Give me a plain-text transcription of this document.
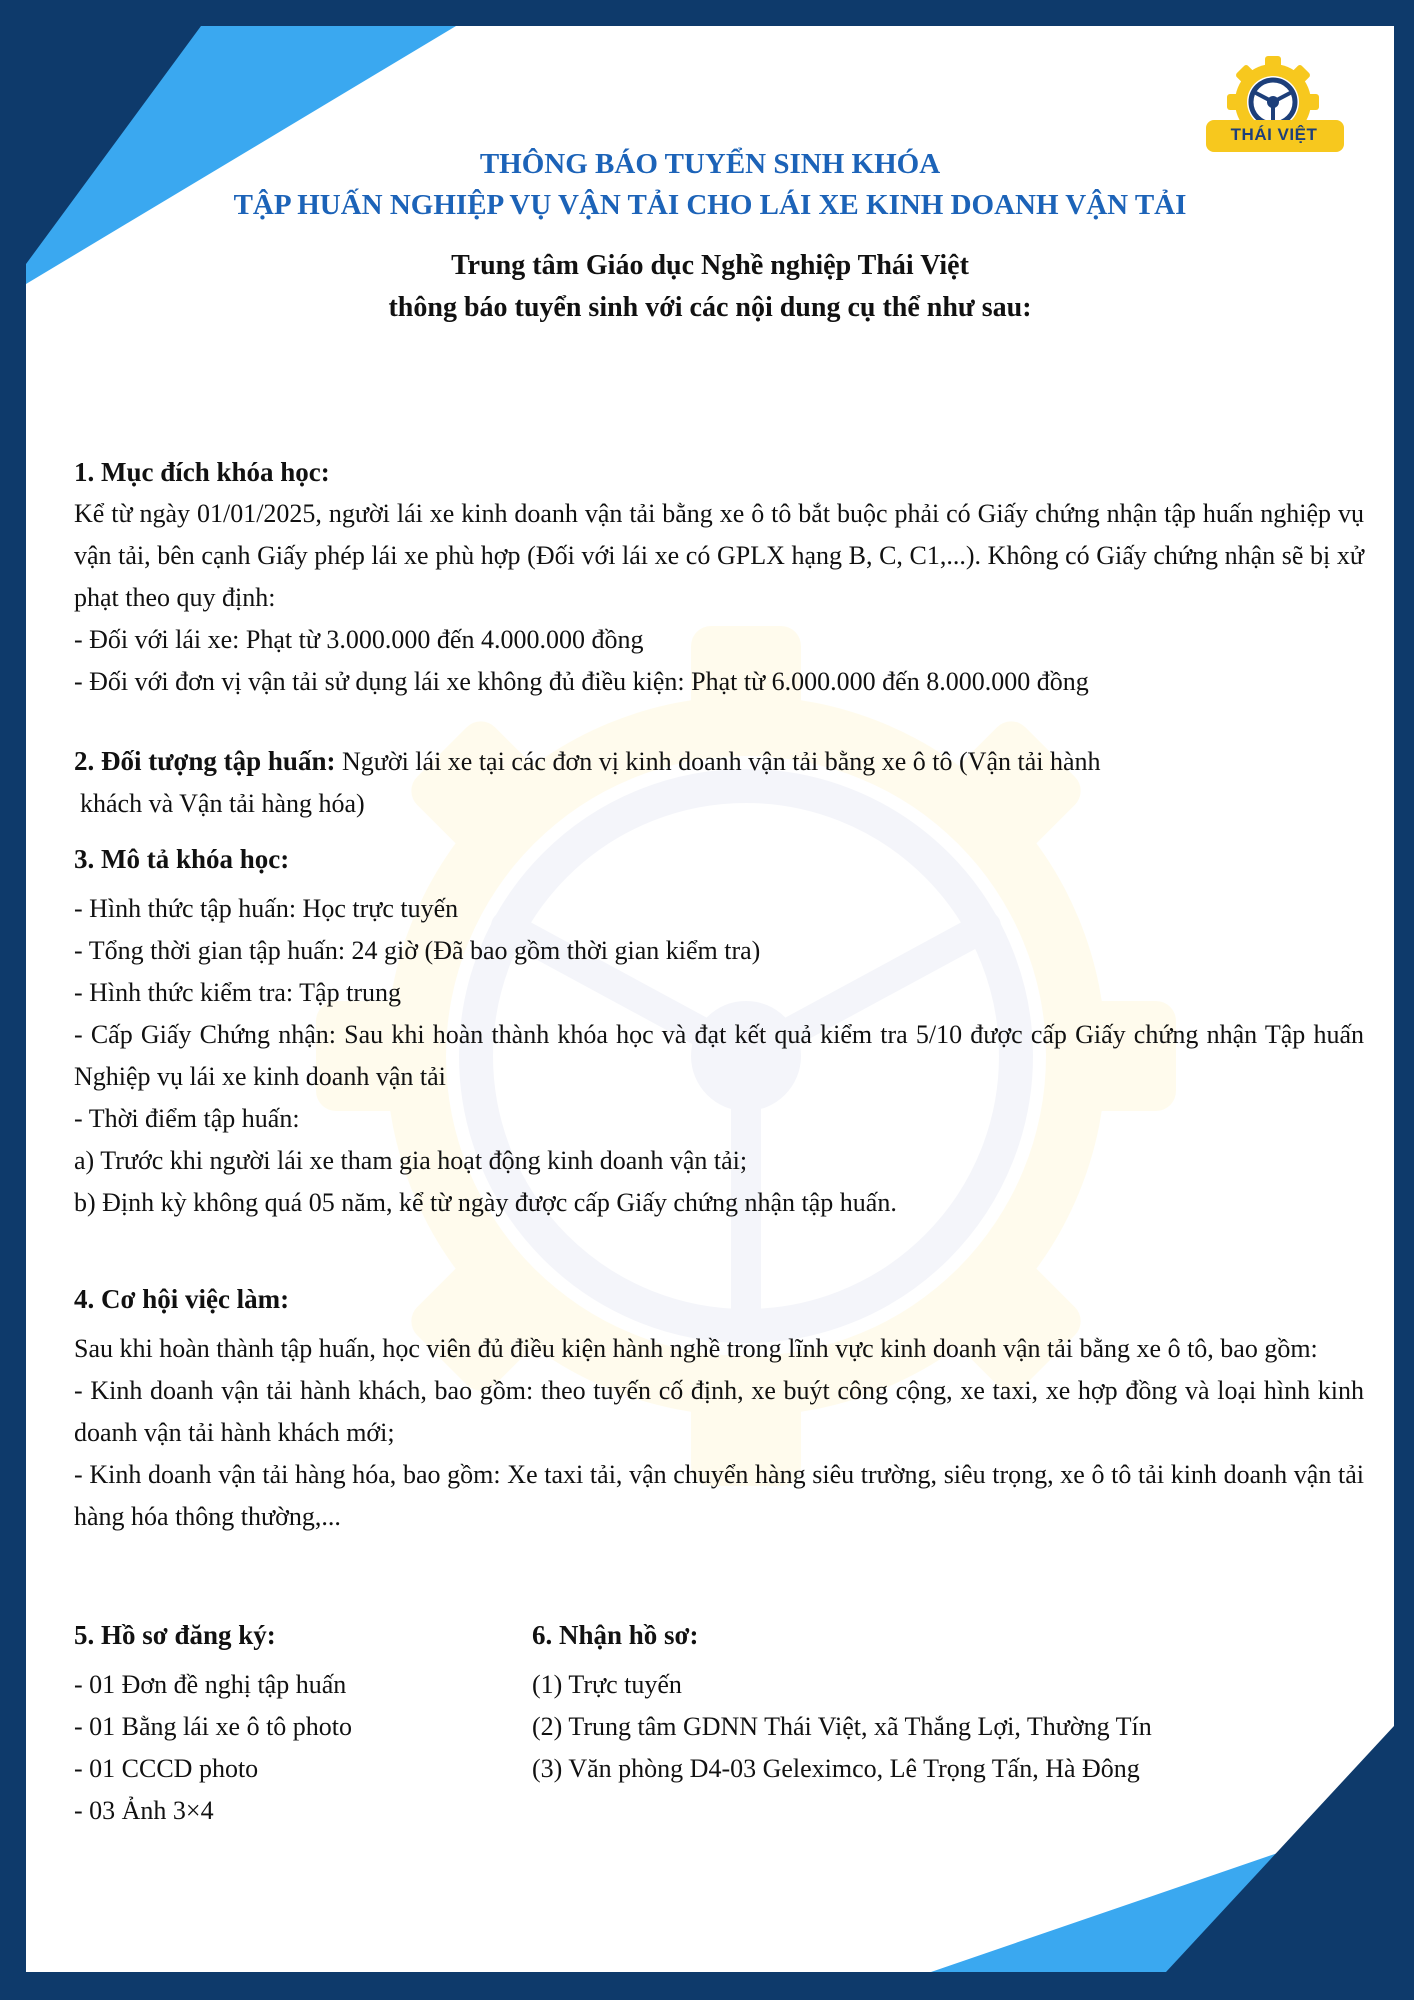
THÁI VIỆT
THÔNG BÁO TUYỂN SINH KHÓA
TẬP HUẤN NGHIỆP VỤ VẬN TẢI CHO LÁI XE KINH DOANH VẬN TẢI
Trung tâm Giáo dục Nghề nghiệp Thái Việt
thông báo tuyển sinh với các nội dung cụ thể như sau:

1. Mục đích khóa học:

Kể từ ngày 01/01/2025, người lái xe kinh doanh vận tải bằng xe ô tô bắt buộc phải có Giấy chứng nhận tập huấn nghiệp vụ vận tải, bên cạnh Giấy phép lái xe phù hợp (Đối với lái xe có GPLX hạng B, C, C1,...). Không có Giấy chứng nhận sẽ bị xử phạt theo quy định:

- Đối với lái xe: Phạt từ 3.000.000 đến 4.000.000 đồng

- Đối với đơn vị vận tải sử dụng lái xe không đủ điều kiện: Phạt từ 6.000.000 đến 8.000.000 đồng

2. Đối tượng tập huấn: Người lái xe tại các đơn vị kinh doanh vận tải bằng xe ô tô (Vận tải hành

khách và Vận tải hàng hóa)

3. Mô tả khóa học:

- Hình thức tập huấn: Học trực tuyến

- Tổng thời gian tập huấn: 24 giờ (Đã bao gồm thời gian kiểm tra)

- Hình thức kiểm tra: Tập trung

- Cấp Giấy Chứng nhận: Sau khi hoàn thành khóa học và đạt kết quả kiểm tra 5/10 được cấp Giấy chứng nhận Tập huấn Nghiệp vụ lái xe kinh doanh vận tải

- Thời điểm tập huấn:

a) Trước khi người lái xe tham gia hoạt động kinh doanh vận tải;

b) Định kỳ không quá 05 năm, kể từ ngày được cấp Giấy chứng nhận tập huấn.

4. Cơ hội việc làm:

Sau khi hoàn thành tập huấn, học viên đủ điều kiện hành nghề trong lĩnh vực kinh doanh vận tải bằng xe ô tô, bao gồm:

- Kinh doanh vận tải hành khách, bao gồm: theo tuyến cố định, xe buýt công cộng, xe taxi, xe hợp đồng và loại hình kinh doanh vận tải hành khách mới;

- Kinh doanh vận tải hàng hóa, bao gồm: Xe taxi tải, vận chuyển hàng siêu trường, siêu trọng, xe ô tô tải kinh doanh vận tải hàng hóa thông thường,...

5. Hồ sơ đăng ký:

- 01 Đơn đề nghị tập huấn

- 01 Bằng lái xe ô tô photo

- 01 CCCD photo

- 03 Ảnh 3×4

6. Nhận hồ sơ:

(1) Trực tuyến

(2) Trung tâm GDNN Thái Việt, xã Thắng Lợi, Thường Tín

(3) Văn phòng D4-03 Geleximco, Lê Trọng Tấn, Hà Đông
